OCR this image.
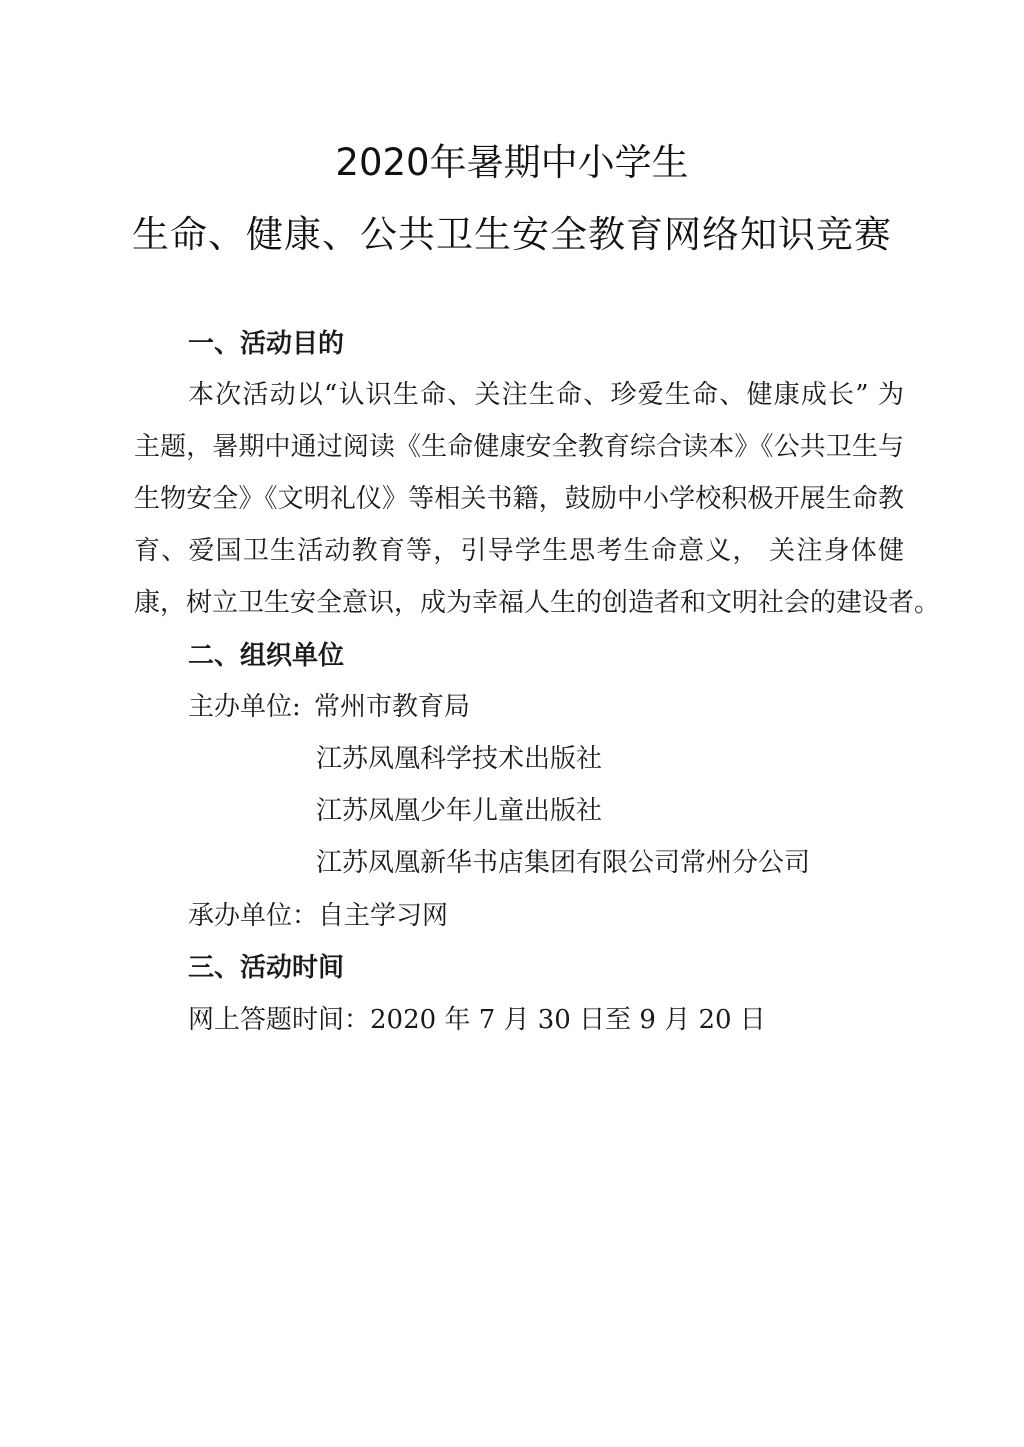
2020年暑期中小学生
生命、健康、公共卫生安全教育网络知识竞赛
一、活动目的
本次活动以“认识生命、关注生命、珍爱生命、健康成长” 为
主题，暑期中通过阅读《生命健康安全教育综合读本》《公共卫生与
生物安全》《文明礼仪》等相关书籍，鼓励中小学校积极开展生命教
育、爱国卫生活动教育等，引导学生思考生命意义， 关注身体健
康，树立卫生安全意识，成为幸福人生的创造者和文明社会的建设者。
二、组织单位
主办单位: 常州市教育局
江苏凤凰科学技术出版社
江苏凤凰少年儿童出版社
江苏凤凰新华书店集团有限公司常州分公司
承办单位：自主学习网
三、活动时间
网上答题时间：2020 年 7 月 30 日至 9 月 20 日
